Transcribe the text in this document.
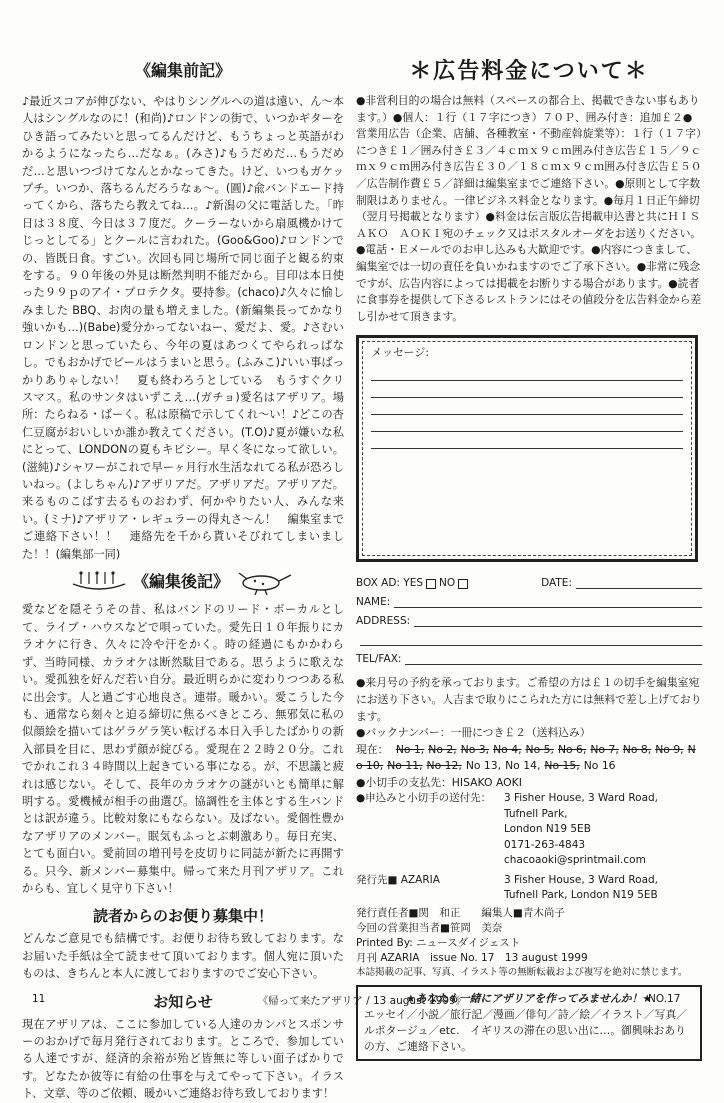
《編集前記》

♪最近スコアが伸びない、やはりシングルへの道は遠い、ん～本人はシングルなのに！(和尚)♪ロンドンの街で、いつかギターをひき語ってみたいと思ってるんだけど、もうちょっと英語がわかるようになったら…だなぁ。(みさ)♪もうだめだ…もうだめだ…と思いつづけてなんとかなってきた。けど、いつもガケップチ。いつか、落ちるんだろうなぁ～。(圓)♪兪バンドエード持ってくから、落ちたら教えてね…。♪新潟の父に電話した。「昨日は３８度、今日は３７度だ。クーラーないから扇風機かけてじっとしてる」とクールに言われた。(Goo&Goo)♪ロンドンでの、皆既日食。すごい。次回も同じ場所で同じ面子と観る約束をする。９０年後の外見は断然判明不能だから。目印は本日使った９９ｐのアイ・プロテクタ。要持参。(chaco)♪久々に愉しみました BBQ、お肉の量も増えました。(新編集長ってかなり強いかも…)(Babe)愛分かってないねー、愛だよ、愛。♪さむいロンドンと思っていたら、今年の夏はあつくてやられっぱなし。でもおかげでビールはうまいと思う。(ふみこ)♪いい事ばっかりありゃしない！　夏も終わろうとしている　もうすぐクリスマス。私のサンタはいずこえ…(ガチョ)愛名はアザリア。場所：たらねる・ばーく。私は原稿で示してくれ～い！♪どこの杏仁豆腐がおいしいか誰か教えてください。(T.O)♪夏が嫌いな私にとって、LONDONの夏もキビシー。早く冬になって欲しい。(滋純)♪シャワーがこれで早ーヶ月行水生活なれてる私が恐ろしいねっ。(よしちゃん)♪アザリアだ。アザリアだ。アザリアだ。来るものこばす去るものおわず、何かやりたい人、みんな来い。(ミナ)♪アザリア・レギュラーの得丸さ～ん！　編集室まで ご連絡下さい！！　連絡先を千から貰いそびれてしまいました！！(編集部一同)

《編集後記》

愛などを隠そうその昔、私はバンドのリード・ボーカルとして、ライブ・ハウスなどで唄っていた。愛先日１０年振りにカラオケに行き、久々に冷や汗をかく。時の経過にもかかわらず、当時同様、カラオケは断然駄目である。思うように歌えない。愛孤独を好んだ若い自分。最近明らかに変わりつつある私に出会す。人と過ごす心地良さ。連帯。暖かい。愛こうした今も、通常なら刻々と迫る締切に焦るべきところ、無邪気に私の似顔絵を描いてはゲラゲラ笑い転げる本日入手したばかりの新入部員を目に、思わず顔が綻びる。愛現在２２時２０分。これでかれこれ３４時間以上起きている事になる。が、不思議と疲れは感じない。そして、長年のカラオケの謎がいとも簡単に解明する。愛機械が相手の曲選び。協調性を主体とする生バンドとは訳が違う。比較対象にもならない。及ばない。愛個性豊かなアザリアのメンバー。眠気もふっとぶ刺激あり。毎日充実、とても面白い。愛前回の増刊号を皮切りに同誌が新たに再開する。只今、新メンバー募集中。帰って来た月刊アザリア。これからも、宜しく見守り下さい！

読者からのお便り募集中！

どんなご意見でも結構です。お便りお待ち致しております。なお届いた手紙は全て読ませて頂いております。個人宛に頂いたものは、きちんと本人に渡しておりますのでご安心下さい。

お知らせ

現在アザリアは、ここに参加している人達のカンパとスポンサーのおかげで毎月発行されております。ところで、参加している人達ですが、経済的余裕が殆ど皆無に等しい面子ばかりです。どなたか彼等に有給の仕事を与えてやって下さい。イラスト、文章、等のご依頼、暖かいご連絡お待ち致しております！

＊広告料金について＊

●非営利目的の場合は無料（スペースの都合上、掲載できない事もあります。）●個人：１行（１７字につき）７０Ｐ、囲み付き：追加￡２●営業用広告（企業、店舗、各種教室・不動産斡旋業等）：１行（１７字）につき￡１／囲み付き￡３／４ｃｍｘ９ｃｍ囲み付き広告￡１５／９ｃｍｘ９ｃｍ囲み付き広告￡３０／１８ｃｍｘ９ｃｍ囲み付き広告￡５０／広告制作費￡５／詳細は編集室までご連絡下さい。●原則として字数制限はありません。一律ビジネス料金となります。●毎月１日正午締切（翌月号掲載となります）●料金は伝言版広告掲載申込書と共にＨＩＳＡＫＯ　ＡＯＫＩ宛のチェック又はポスタルオーダをお送りください。●電話・Ｅメールでのお申し込みも大歓迎です。●内容につきまして、編集室では一切の責任を負いかねますのでご了承下さい。●非常に残念ですが、広告内容によっては掲載をお断りする場合があります。●読者に食事券を提供して下さるレストランにはその値段分を広告料金から差し引かせて頂きます。

メッセージ:
BOX AD: YES NO	DATE:
NAME:
ADDRESS:
TEL/FAX:

●来月号の予約を承っております。ご希望の方は￡１の切手を編集室宛にお送り下さい。人吉まで取りにこられた方には無料で差し上げております。

●バックナンバー：一冊につき￡２（送料込み）
現在： No 1, No 2, No 3, No 4, No 5, No 6, No 7, No 8, No 9, No 10, No 11, No 12, No 13, No 14, No 15, No 16
●小切手の支払先：HISAKO AOKI
●申込みと小切手の送付先：	3 Fisher House, 3 Ward Road,
Tufnell Park,
London N19 5EB
0171-263-4843
chacoaoki@sprintmail.com
発行先■ AZARIA	3 Fisher House, 3 Ward Road,
Tufnell Park, London N19 5EB
発行責任者■関　和正　　編集人■青木尚子
今回の営業担当者■笹岡　美奈
Printed By: ニュースダイジェスト
月刊 AZARIA　issue No. 17　13 august 1999
本誌掲載の記事、写真、イラスト等の無断転載および複写を絶対に禁じます。
★あなたも一緒にアザリアを作ってみませんか！★
エッセイ／小説／旅行記／漫画／俳句／詩／絵／イラスト／写真／ルポタージュ／etc.　イギリスの滞在の思い出に…。御興味おありの方、ご連絡下さい。
11	《帰って来たアザリア / 13 august 1999》	NO.17
